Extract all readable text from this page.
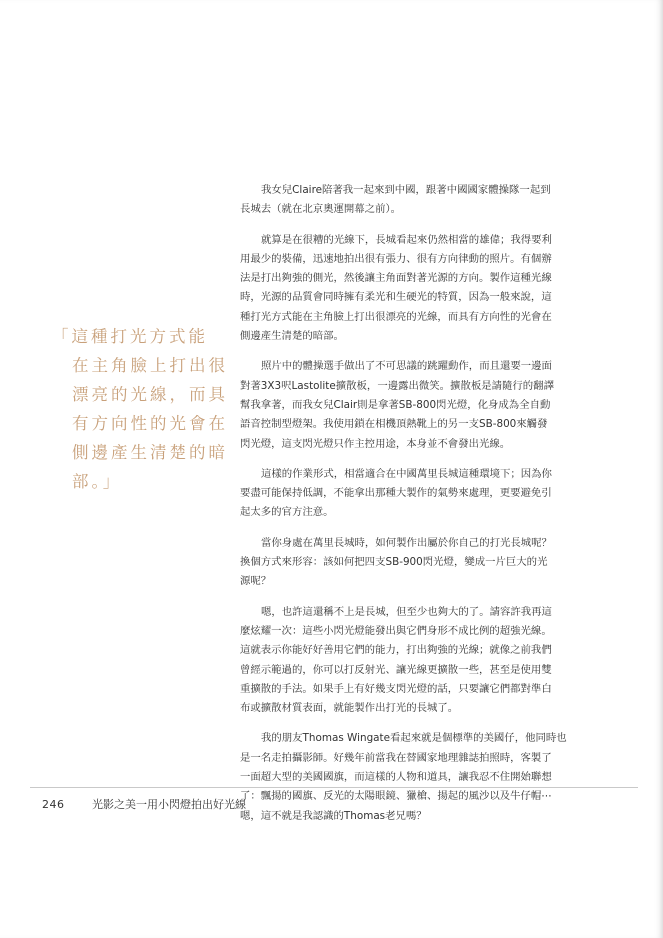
「這種打光方式能
在主角臉上打出很
漂亮的光線，而具
有方向性的光會在
側邊產生清楚的暗
部。」

我女兒Claire陪著我一起來到中國，跟著中國國家體操隊一起到
長城去（就在北京奧運開幕之前）。

就算是在很糟的光線下，長城看起來仍然相當的雄偉；我得要利
用最少的裝備，迅速地拍出很有張力、很有方向律動的照片。有個辦
法是打出夠強的側光，然後讓主角面對著光源的方向。製作這種光線
時，光源的品質會同時擁有柔光和生硬光的特質，因為一般來說，這
種打光方式能在主角臉上打出很漂亮的光線，而具有方向性的光會在
側邊產生清楚的暗部。

照片中的體操選手做出了不可思議的跳躍動作，而且還要一邊面
對著3X3呎Lastolite擴散板，一邊露出微笑。擴散板是請隨行的翻譯
幫我拿著，而我女兒Clair則是拿著SB-800閃光燈，化身成為全自動
語音控制型燈架。我使用鎖在相機頂熱靴上的另一支SB-800來觸發
閃光燈，這支閃光燈只作主控用途，本身並不會發出光線。

這樣的作業形式，相當適合在中國萬里長城這種環境下；因為你
要盡可能保持低調，不能拿出那種大製作的氣勢來處理，更要避免引
起太多的官方注意。

當你身處在萬里長城時，如何製作出屬於你自己的打光長城呢？
換個方式來形容：該如何把四支SB-900閃光燈，變成一片巨大的光
源呢？

嗯，也許這還稱不上是長城，但至少也夠大的了。請容許我再這
麼炫耀一次：這些小閃光燈能發出與它們身形不成比例的超強光線。
這就表示你能好好善用它們的能力，打出夠強的光線；就像之前我們
曾經示範過的，你可以打反射光、讓光線更擴散一些，甚至是使用雙
重擴散的手法。如果手上有好幾支閃光燈的話，只要讓它們都對準白
布或擴散材質表面，就能製作出打光的長城了。

我的朋友Thomas Wingate看起來就是個標準的美國仔，他同時也
是一名走拍攝影師。好幾年前當我在替國家地理雜誌拍照時，客製了
一面超大型的美國國旗，而這樣的人物和道具，讓我忍不住開始聯想
了：飄揚的國旗、反光的太陽眼鏡、獵槍、揚起的風沙以及牛仔帽⋯
嗯，這不就是我認識的Thomas老兄嗎？

246	光影之美一用小閃燈拍出好光線
